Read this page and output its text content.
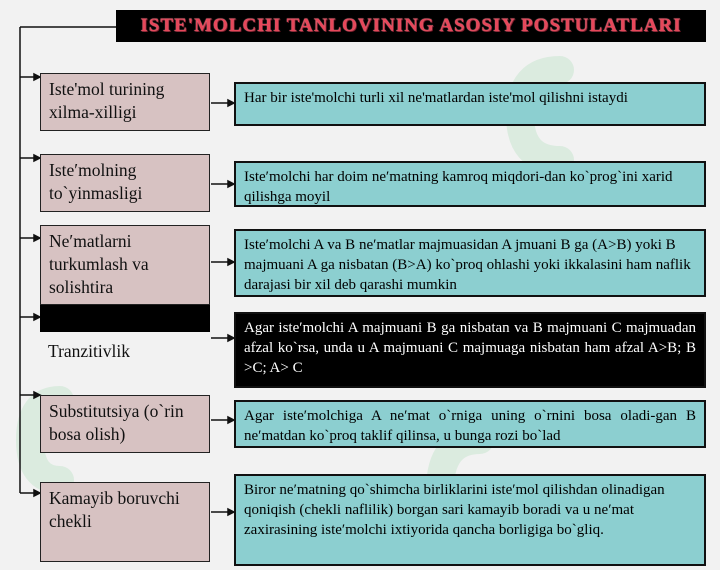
ISTE'MOLCHI TANLOVINING ASOSIY POSTULATLARI
Iste'mol turining xilma-xilligi
Har bir iste'molchi turli xil ne'matlardan iste'mol qilishni istaydi
Iste′molning to`yinmasligi
Iste′molchi har doim ne′matning kamroq miqdori-dan ko`prog`ini xarid qilishga moyil
Ne′matlarni turkumlash va solishtira
Iste′molchi A va B ne′matlar majmuasidan A jmuani B ga (A>B) yoki B majmuani A ga nisbatan (B>A) ko`proq ohlashi yoki ikkalasini ham naflik darajasi bir xil deb qarashi mumkin
Tranzitivlik
Agar iste′molchi A majmuani B ga nisbatan va B majmuani C majmuadan afzal ko`rsa, unda u A majmuani C majmuaga nisbatan ham afzal A>B; B >C; A> C
Substitutsiya (o`rin bosa olish)
Agar iste′molchiga A ne′mat o`rniga uning o`rnini bosa oladi-gan B ne′matdan ko`proq taklif qilinsa, u bunga rozi bo`lad
Kamayib boruvchi chekli
Biror ne′matning qo`shimcha birliklarini iste′mol qilishdan olinadigan qoniqish (chekli naflilik) borgan sari kamayib boradi va u ne′mat zaxirasining iste′molchi ixtiyorida qancha borligiga bo`gliq.
